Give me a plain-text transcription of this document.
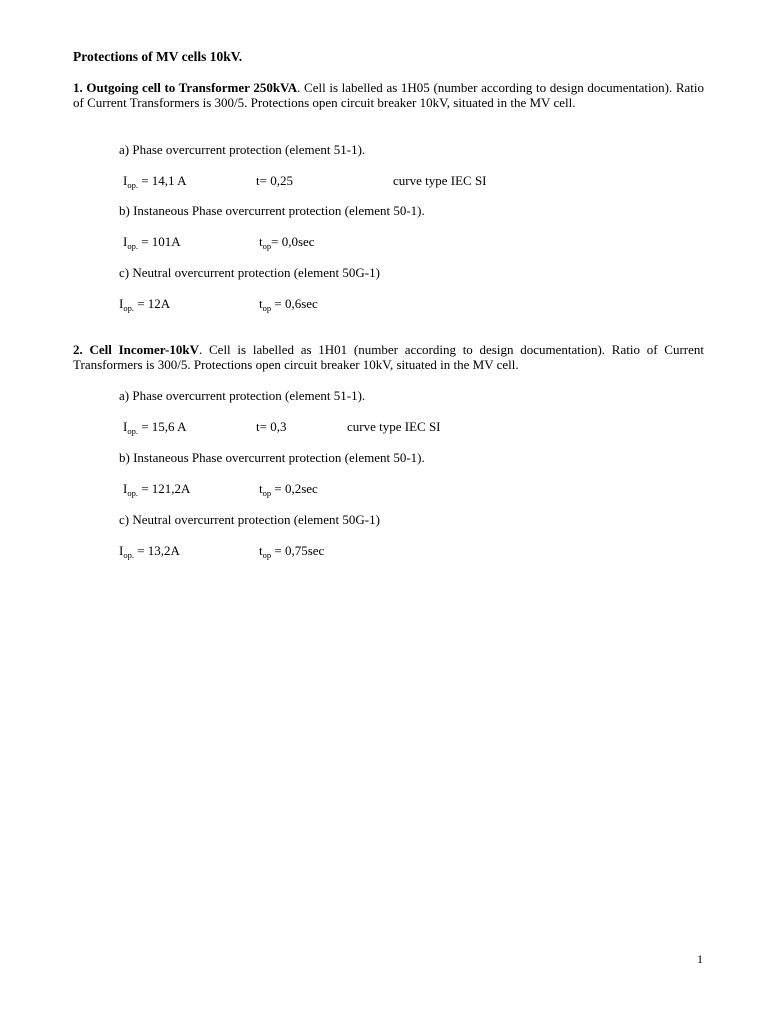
Protections of MV cells 10kV.
1. Outgoing cell to Transformer 250kVA. Cell is labelled as 1H05 (number according to design documentation). Ratio of Current Transformers is 300/5. Protections open circuit breaker 10kV, situated in the MV cell.
a) Phase overcurrent protection (element 51-1).
$I_{op.} = 14,1$ A	t= 0,25	curve type IEC SI
b) Instaneous Phase overcurrent protection (element 50-1).
$I_{op.} = 101A$	$t_{op}= 0,0\sec$
c) Neutral overcurrent protection (element 50G-1)
$I_{op.} = 12A$	$t_{op} = 0,6\sec$
2. Cell Incomer-10kV. Cell is labelled as 1H01 (number according to design documentation). Ratio of Current Transformers is 300/5. Protections open circuit breaker 10kV, situated in the MV cell.
a) Phase overcurrent protection (element 51-1).
$I_{op.} = 15,6$ A	t= 0,3	curve type IEC SI
b) Instaneous Phase overcurrent protection (element 50-1).
$I_{op.} = 121,2A$	$t_{op} = 0,2\sec$
c) Neutral overcurrent protection (element 50G-1)
$I_{op.} = 13,2A$	$t_{op} = 0,75\sec$
1
